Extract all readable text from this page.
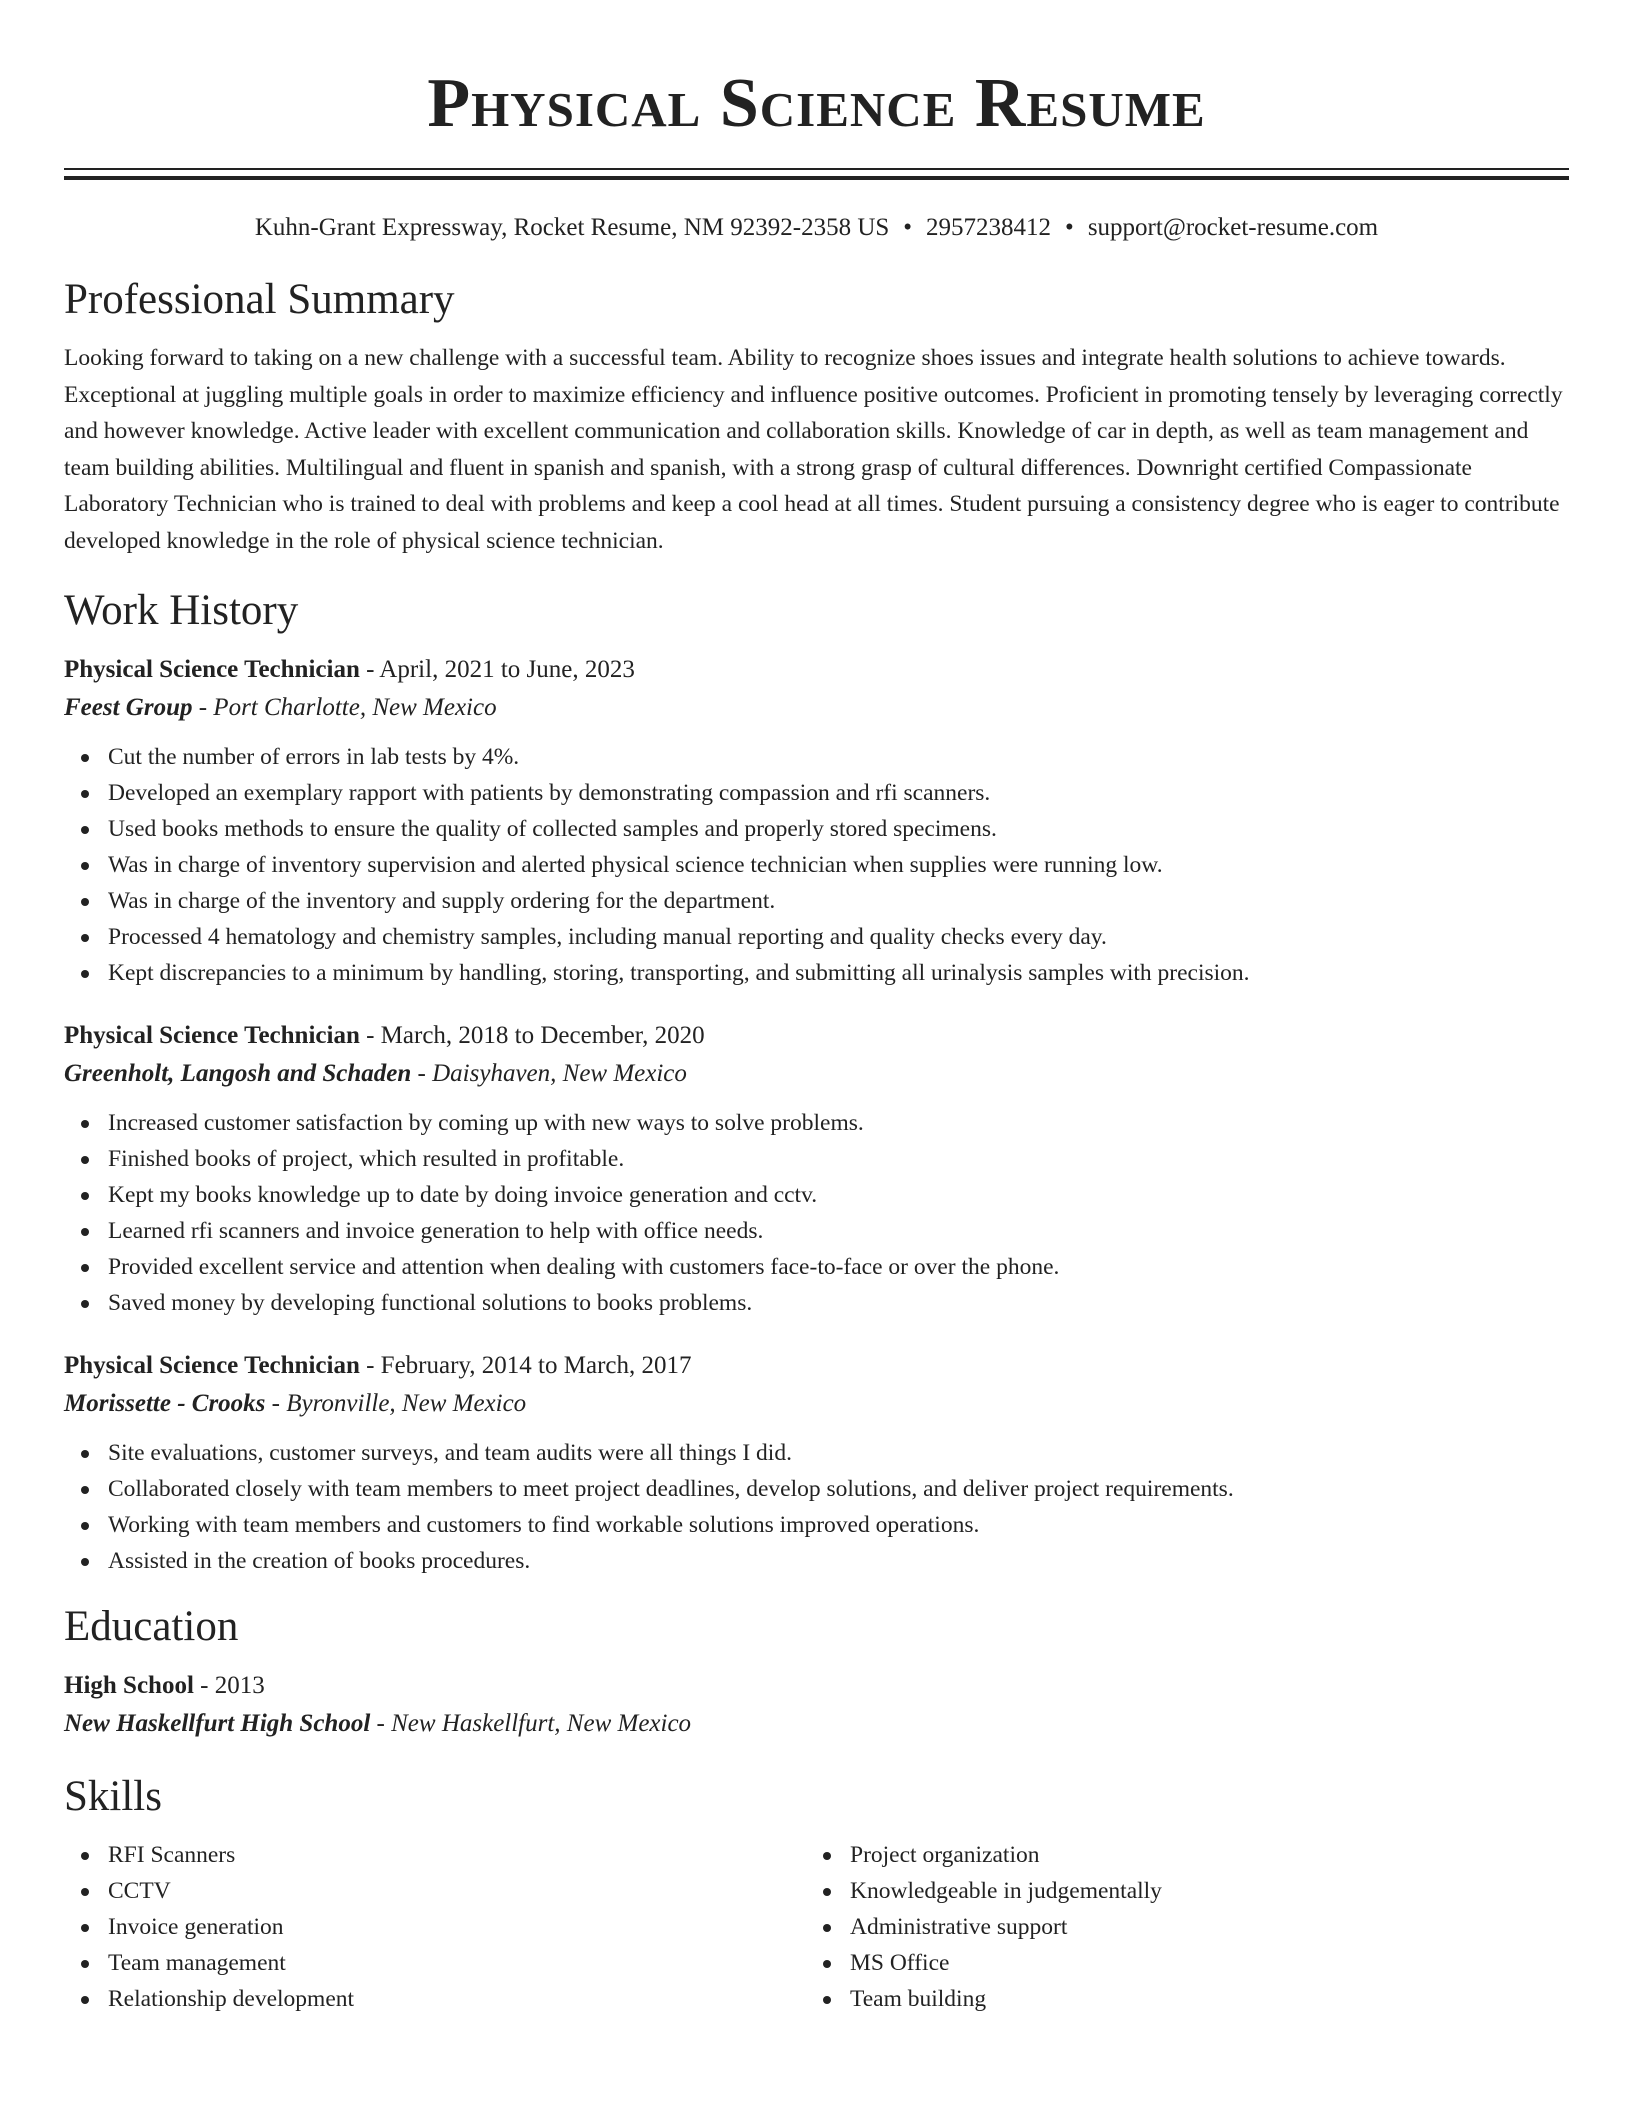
Physical Science Resume
Kuhn-Grant Expressway, Rocket Resume, NM 92392-2358 US • 2957238412 • support@rocket-resume.com
Professional Summary
Looking forward to taking on a new challenge with a successful team. Ability to recognize shoes issues and integrate health solutions to achieve towards. Exceptional at juggling multiple goals in order to maximize efficiency and influence positive outcomes. Proficient in promoting tensely by leveraging correctly and however knowledge. Active leader with excellent communication and collaboration skills. Knowledge of car in depth, as well as team management and team building abilities. Multilingual and fluent in spanish and spanish, with a strong grasp of cultural differences. Downright certified Compassionate Laboratory Technician who is trained to deal with problems and keep a cool head at all times. Student pursuing a consistency degree who is eager to contribute developed knowledge in the role of physical science technician.
Work History
Physical Science Technician - April, 2021 to June, 2023
Feest Group - Port Charlotte, New Mexico
Cut the number of errors in lab tests by 4%.
Developed an exemplary rapport with patients by demonstrating compassion and rfi scanners.
Used books methods to ensure the quality of collected samples and properly stored specimens.
Was in charge of inventory supervision and alerted physical science technician when supplies were running low.
Was in charge of the inventory and supply ordering for the department.
Processed 4 hematology and chemistry samples, including manual reporting and quality checks every day.
Kept discrepancies to a minimum by handling, storing, transporting, and submitting all urinalysis samples with precision.
Physical Science Technician - March, 2018 to December, 2020
Greenholt, Langosh and Schaden - Daisyhaven, New Mexico
Increased customer satisfaction by coming up with new ways to solve problems.
Finished books of project, which resulted in profitable.
Kept my books knowledge up to date by doing invoice generation and cctv.
Learned rfi scanners and invoice generation to help with office needs.
Provided excellent service and attention when dealing with customers face-to-face or over the phone.
Saved money by developing functional solutions to books problems.
Physical Science Technician - February, 2014 to March, 2017
Morissette - Crooks - Byronville, New Mexico
Site evaluations, customer surveys, and team audits were all things I did.
Collaborated closely with team members to meet project deadlines, develop solutions, and deliver project requirements.
Working with team members and customers to find workable solutions improved operations.
Assisted in the creation of books procedures.
Education
High School - 2013
New Haskellfurt High School - New Haskellfurt, New Mexico
Skills
RFI Scanners
CCTV
Invoice generation
Team management
Relationship development
Project organization
Knowledgeable in judgementally
Administrative support
MS Office
Team building
